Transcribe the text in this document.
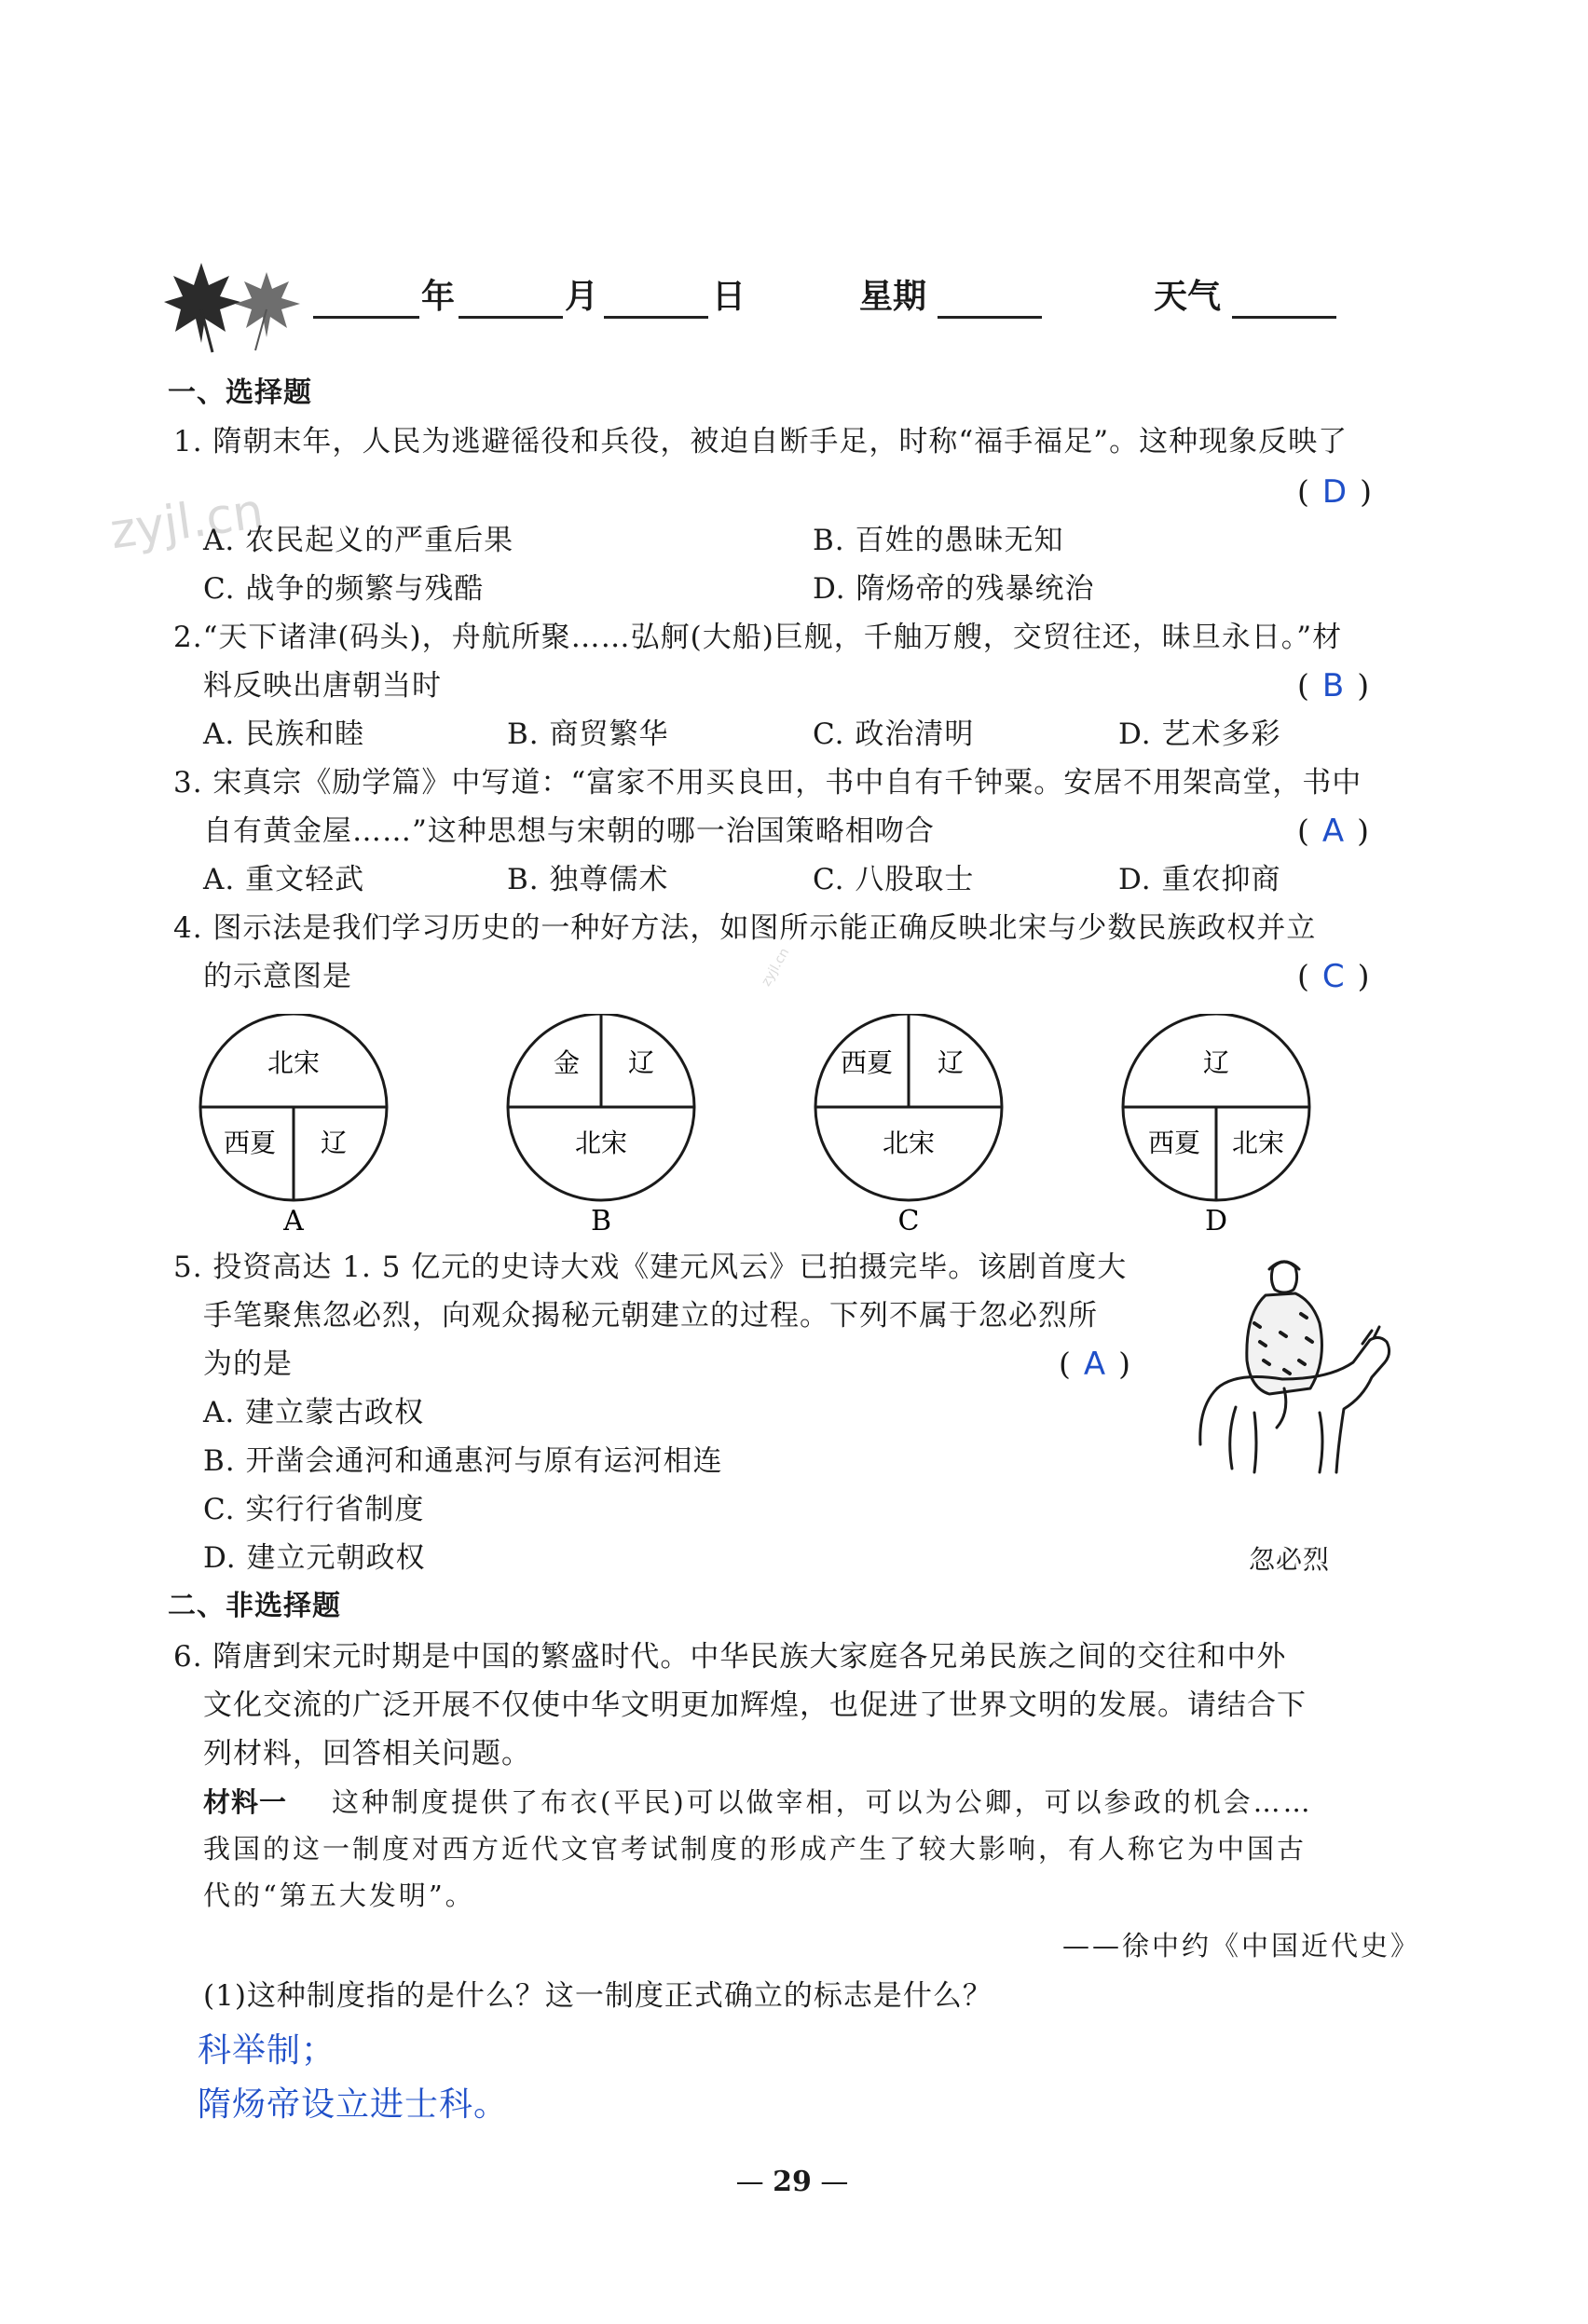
年	月	日	星期	天气
zyjl.cn
zyjl.cn
一、选择题
1. 隋朝末年，人民为逃避徭役和兵役，被迫自断手足，时称“福手福足”。这种现象反映了
( D )
A. 农民起义的严重后果	B. 百姓的愚昧无知
C. 战争的频繁与残酷	D. 隋炀帝的残暴统治
2.“天下诸津(码头)，舟航所聚……弘舸(大船)巨舰，千舳万艘，交贸往还，昧旦永日。”材
料反映出唐朝当时	( B )
A. 民族和睦	B. 商贸繁华	C. 政治清明	D. 艺术多彩
3. 宋真宗《励学篇》中写道：“富家不用买良田，书中自有千钟粟。安居不用架高堂，书中
自有黄金屋……”这种思想与宋朝的哪一治国策略相吻合	( A )
A. 重文轻武	B. 独尊儒术	C. 八股取士	D. 重农抑商
4. 图示法是我们学习历史的一种好方法，如图所示能正确反映北宋与少数民族政权并立
的示意图是	( C )
北宋
西夏 辽
A
金 辽
北宋
B
西夏 辽
北宋
C
辽
西夏 北宋
D
5. 投资高达 1. 5 亿元的史诗大戏《建元风云》已拍摄完毕。该剧首度大
手笔聚焦忽必烈，向观众揭秘元朝建立的过程。下列不属于忽必烈所
为的是	( A )
A. 建立蒙古政权
B. 开凿会通河和通惠河与原有运河相连
C. 实行行省制度
D. 建立元朝政权	忽必烈
二、非选择题
6. 隋唐到宋元时期是中国的繁盛时代。中华民族大家庭各兄弟民族之间的交往和中外
文化交流的广泛开展不仅使中华文明更加辉煌，也促进了世界文明的发展。请结合下
列材料，回答相关问题。
材料一 这种制度提供了布衣(平民)可以做宰相，可以为公卿，可以参政的机会……
我国的这一制度对西方近代文官考试制度的形成产生了较大影响，有人称它为中国古
代的“第五大发明”。
——徐中约《中国近代史》
(1)这种制度指的是什么？这一制度正式确立的标志是什么？
科举制；
隋炀帝设立进士科。
— 29 —
